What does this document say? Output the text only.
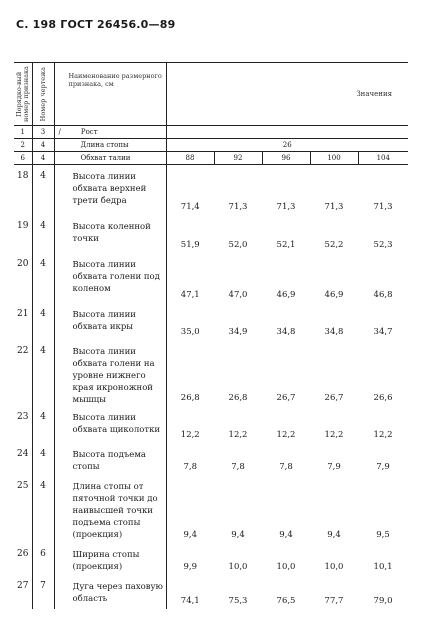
С. 198 ГОСТ 26456.0—89
Порядко-вый номер признака	Номер чертежа	Наименование размерного признака, см	Значения				

1	3	/ Рост					
2	4	Длина стопы	26				
6	4	Обхват талии	88	92	96	100	104
18	4	Высота линии обхвата верхней трети бедра	71,4	71,3	71,3	71,3	71,3
19	4	Высота коленной точки	51,9	52,0	52,1	52,2	52,3
20	4	Высота линии обхвата голени под коленом	47,1	47,0	46,9	46,9	46,8
21	4	Высота линии обхвата икры	35,0	34,9	34,8	34,8	34,7
22	4	Высота линии обхвата голени на уровне нижнего края икроножной мышцы	26,8	26,8	26,7	26,7	26,6
23	4	Высота линии обхвата щиколотки	12,2	12,2	12,2	12,2	12,2
24	4	Высота подъема стопы	7,8	7,8	7,8	7,9	7,9
25	4	Длина стопы от пяточной точки до наивысшей точки подъема стопы (проекция)	9,4	9,4	9,4	9,4	9,5
26	6	Ширина стопы (проекция)	9,9	10,0	10,0	10,0	10,1
27	7	Дуга через паховую область	74,1	75,3	76,5	77,7	79,0
